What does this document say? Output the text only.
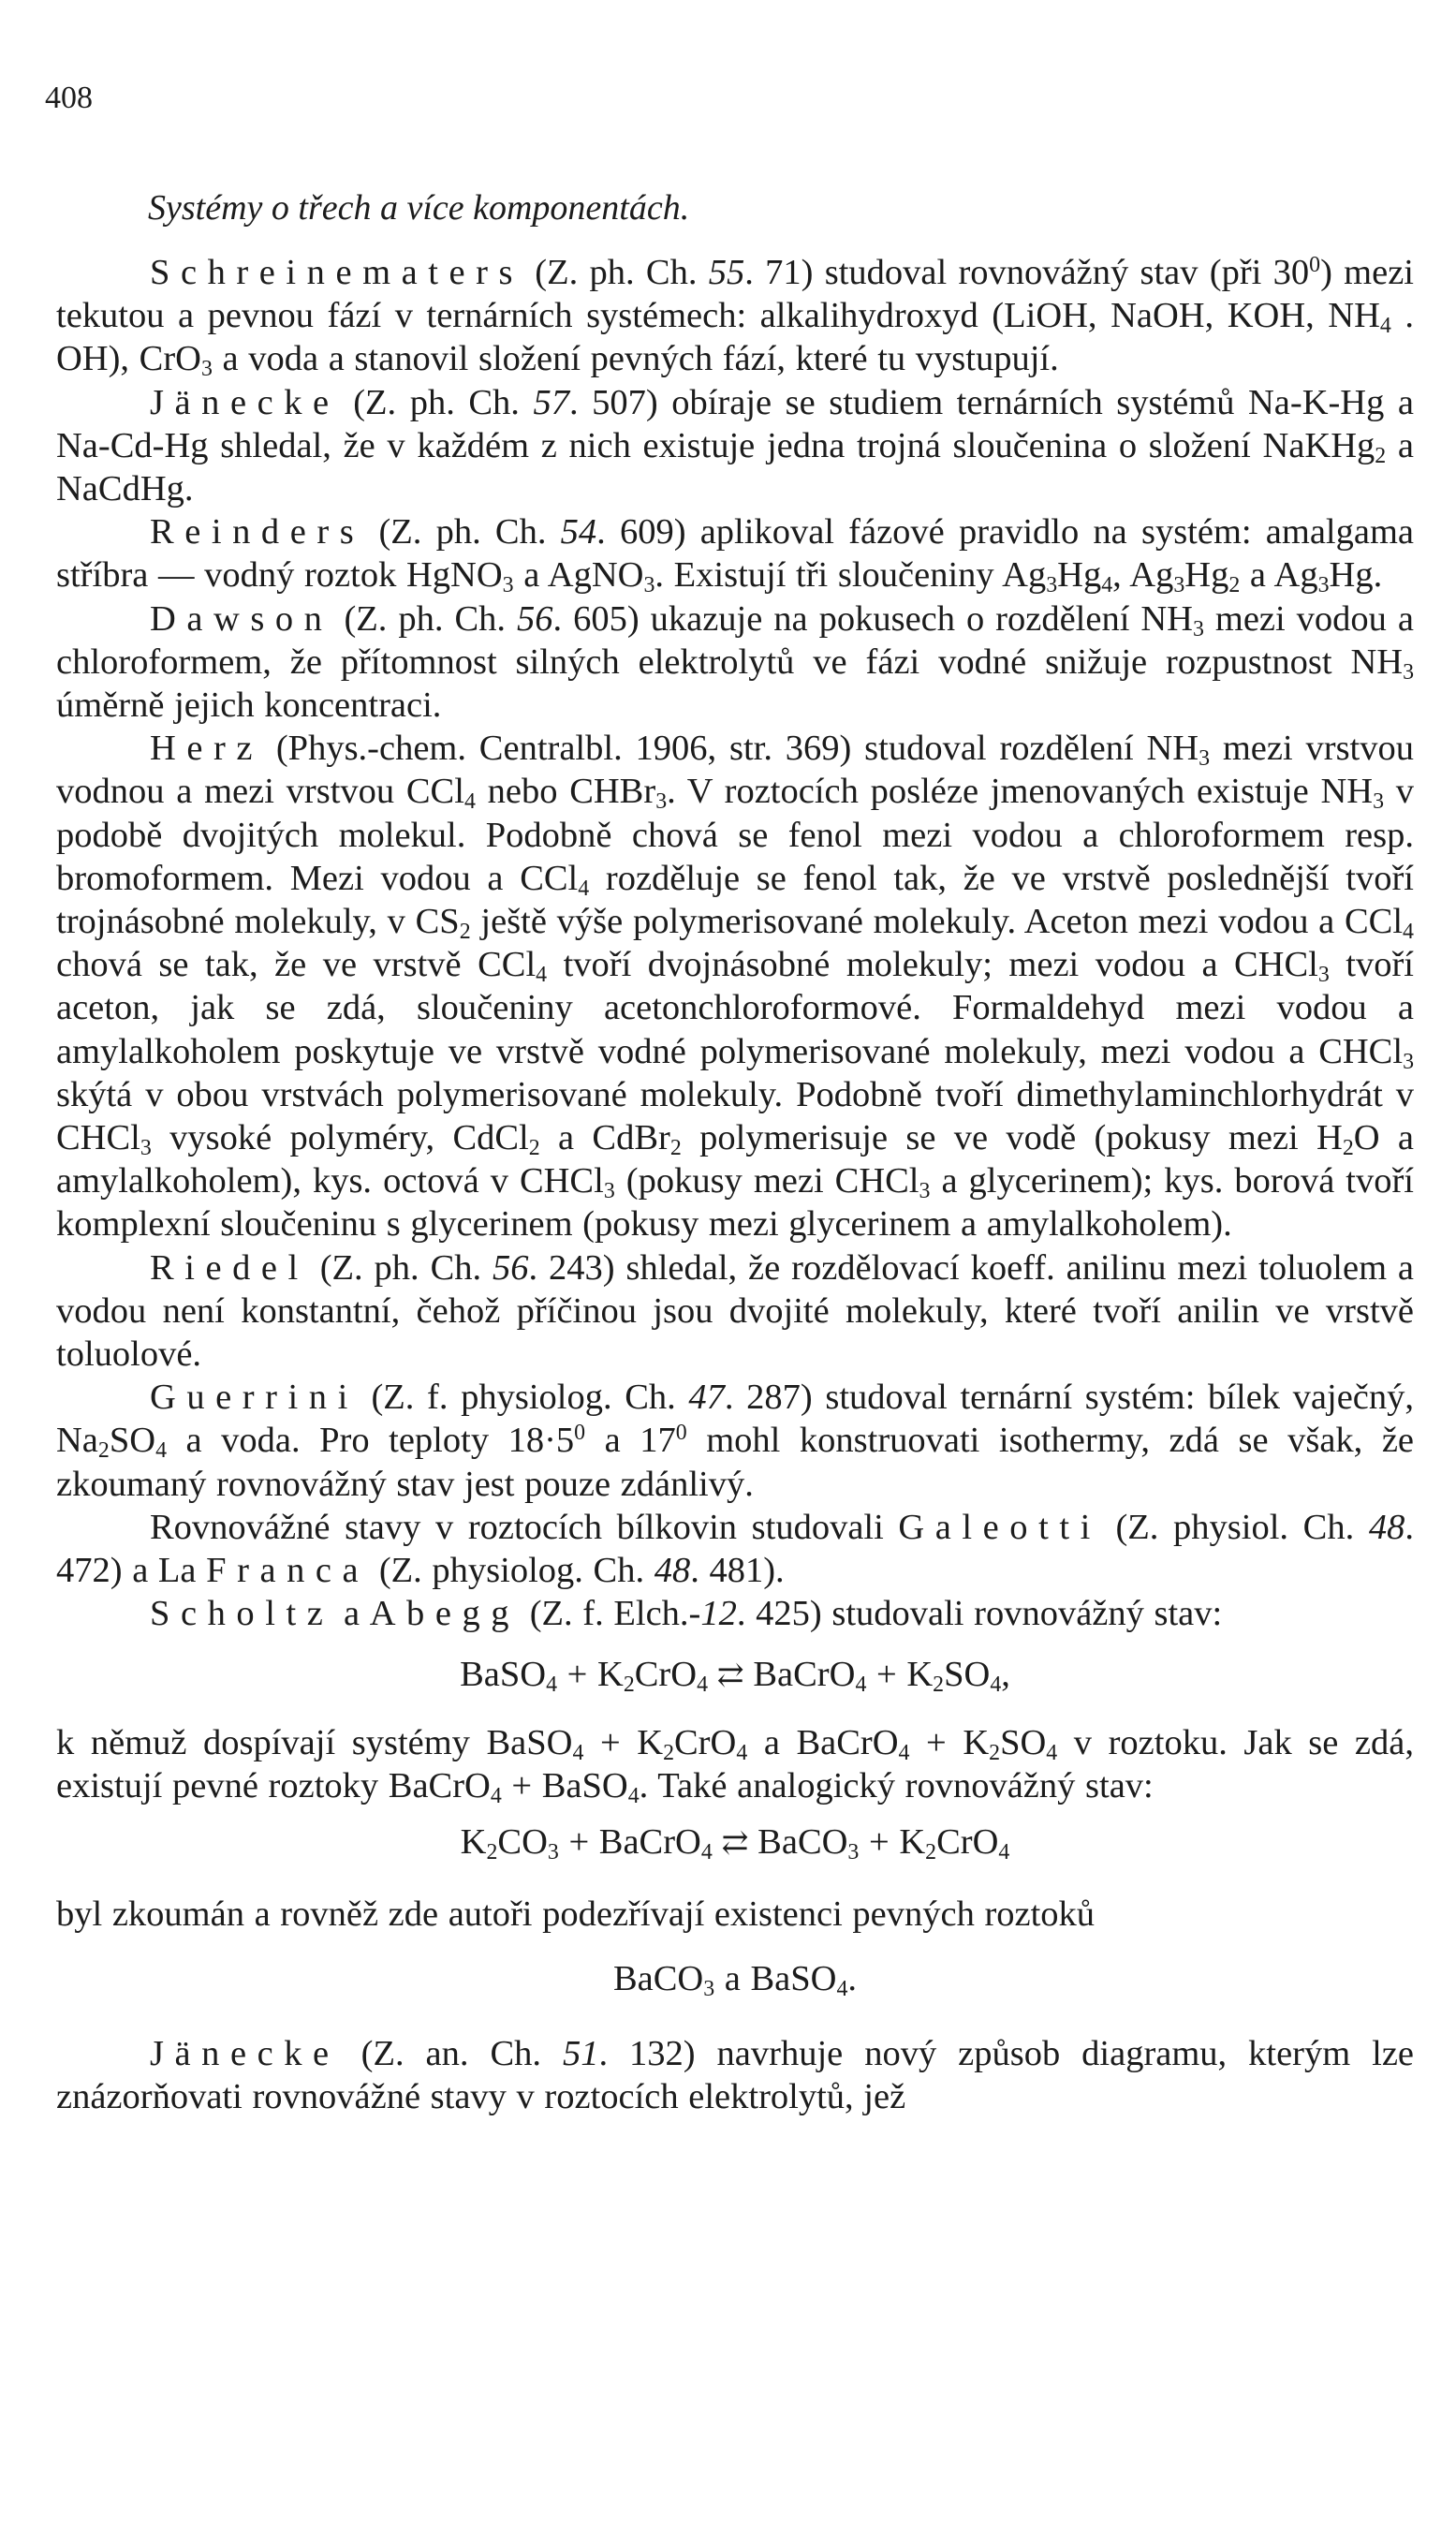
408
Systémy o třech a více komponentách.

Schreinematers (Z. ph. Ch. 55. 71) studoval rovnovážný stav (při $30^0$) mezi tekutou a pevnou fází v ternárních systémech: alkalihydroxyd (LiOH, NaOH, KOH, $NH_4$ . OH), CrO$_3$ a voda a stanovil složení pevných fází, které tu vystupují.

Jänecke (Z. ph. Ch. 57. 507) obíraje se studiem ternárních systémů Na-K-Hg a Na-Cd-Hg shledal, že v každém z nich existuje jedna trojná sloučenina o složení NaKHg$_2$ a NaCdHg.

Reinders (Z. ph. Ch. 54. 609) aplikoval fázové pravidlo na systém: amalgama stříbra — vodný roztok HgNO$_3$ a AgNO$_3$. Existují tři sloučeniny $Ag_3Hg_4$, $Ag_3Hg_2$ a $Ag_3Hg$.

Dawson (Z. ph. Ch. 56. 605) ukazuje na pokusech o rozdělení $NH_3$ mezi vodou a chloroformem, že přítomnost silných elektrolytů ve fázi vodné snižuje rozpustnost $NH_3$ úměrně jejich koncentraci.

Herz (Phys.-chem. Centralbl. 1906, str. 369) studoval rozdělení $NH_3$ mezi vrstvou vodnou a mezi vrstvou CCl$_4$ nebo CHBr$_3$. V roztocích posléze jmenovaných existuje $NH_3$ v podobě dvojitých molekul. Podobně chová se fenol mezi vodou a chloroformem resp. bromoformem. Mezi vodou a CCl$_4$ rozděluje se fenol tak, že ve vrstvě poslednější tvoří trojnásobné molekuly, v $CS_2$ ještě výše polymerisované molekuly. Aceton mezi vodou a CCl$_4$ chová se tak, že ve vrstvě CCl$_4$ tvoří dvojnásobné molekuly; mezi vodou a CHCl$_3$ tvoří aceton, jak se zdá, sloučeniny acetonchloroformové. Formaldehyd mezi vodou a amylalkoholem poskytuje ve vrstvě vodné polymerisované molekuly, mezi vodou a CHCl$_3$ skýtá v obou vrstvách polymerisované molekuly. Podobně tvoří dimethylaminchlorhydrát v CHCl$_3$ vysoké polyméry, CdCl$_2$ a CdBr$_2$ polymerisuje se ve vodě (pokusy mezi $H_2O$ a amylalkoholem), kys. octová v CHCl$_3$ (pokusy mezi CHCl$_3$ a glycerinem); kys. borová tvoří komplexní sloučeninu s glycerinem (pokusy mezi glycerinem a amylalkoholem).

Riedel (Z. ph. Ch. 56. 243) shledal, že rozdělovací koeff. anilinu mezi toluolem a vodou není konstantní, čehož příčinou jsou dvojité molekuly, které tvoří anilin ve vrstvě toluolové.

Guerrini (Z. f. physiolog. Ch. 47. 287) studoval ternární systém: bílek vaječný, $Na_2SO_4$ a voda. Pro teploty $18\cdot 5^0$ a $17^0$ mohl konstruovati isothermy, zdá se však, že zkoumaný rovnovážný stav jest pouze zdánlivý.

Rovnovážné stavy v roztocích bílkovin studovali Galeotti (Z. physiol. Ch. 48. 472) a La Franca (Z. physiolog. Ch. 48. 481).

Scholtz a Abegg (Z. f. Elch.-12. 425) studovali rovnovážný stav:

BaSO$_4$ + $K_2CrO_4$ ⇄ BaCrO$_4$ + $K_2SO_4$,

k němuž dospívají systémy BaSO$_4$ + $K_2CrO_4$ a BaCrO$_4$ + $K_2SO_4$ v roztoku. Jak se zdá, existují pevné roztoky BaCrO$_4$ + BaSO$_4$. Také analogický rovnovážný stav:

$K_2CO_3$ + BaCrO$_4$ ⇄ BaCO$_3$ + $K_2CrO_4$

byl zkoumán a rovněž zde autoři podezřívají existenci pevných roztoků

BaCO$_3$ a BaSO$_4$.

Jänecke (Z. an. Ch. 51. 132) navrhuje nový způsob diagramu, kterým lze znázorňovati rovnovážné stavy v roztocích elektrolytů, jež
